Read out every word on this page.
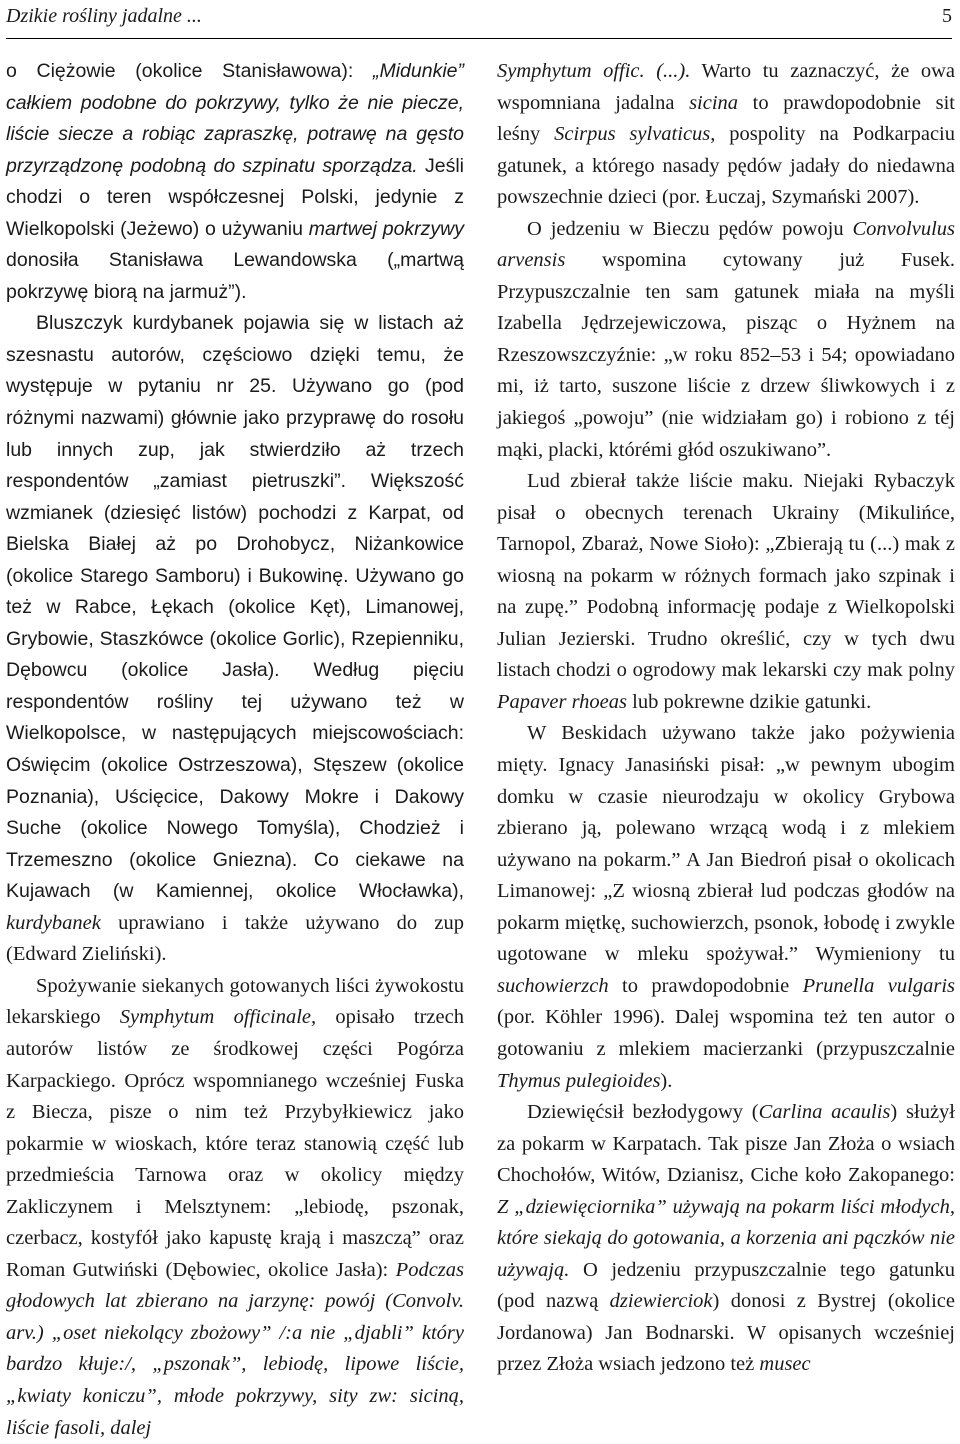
Dzikie rośliny jadalne ...	5

o Ciężowie (okolice Stanisławowa): „Midunkie” całkiem podobne do pokrzywy, tylko że nie piecze, liście siecze a robiąc zapraszkę, potrawę na gęsto przyrządzonę podobną do szpinatu sporządza. Jeśli chodzi o teren współczesnej Polski, jedynie z Wielkopolski (Jeżewo) o używaniu martwej pokrzywy donosiła Stanisława Lewandowska („martwą pokrzywę biorą na jarmuż”).

Bluszczyk kurdybanek pojawia się w listach aż szesnastu autorów, częściowo dzięki temu, że występuje w pytaniu nr 25. Używano go (pod różnymi nazwami) głównie jako przyprawę do rosołu lub innych zup, jak stwierdziło aż trzech respondentów „zamiast pietruszki”. Większość wzmianek (dziesięć listów) pochodzi z Karpat, od Bielska Białej aż po Drohobycz, Niżankowice (okolice Starego Samboru) i Bukowinę. Używano go też w Rabce, Łękach (okolice Kęt), Limanowej, Grybowie, Staszkówce (okolice Gorlic), Rzepienniku, Dębowcu (okolice Jasła). Według pięciu respondentów rośliny tej używano też w Wielkopolsce, w następujących miejscowościach: Oświęcim (okolice Ostrzeszowa), Stęszew (okolice Poznania), Uścięcice, Dakowy Mokre i Dakowy Suche (okolice Nowego Tomyśla), Chodzież i Trzemeszno (okolice Gniezna). Co ciekawe na Kujawach (w Kamiennej, okolice Włocławka), kurdybanek uprawiano i także używano do zup (Edward Zieliński).

Spożywanie siekanych gotowanych liści żywokostu lekarskiego Symphytum officinale, opisało trzech autorów listów ze środkowej części Pogórza Karpackiego. Oprócz wspomnianego wcześniej Fuska z Biecza, pisze o nim też Przybyłkiewicz jako pokarmie w wioskach, które teraz stanowią część lub przedmieścia Tarnowa oraz w okolicy między Zakliczynem i Melsztynem: „lebiodę, pszonak, czerbacz, kostyfół jako kapustę krają i maszczą” oraz Roman Gutwiński (Dębowiec, okolice Jasła): Podczas głodowych lat zbierano na jarzynę: powój (Convolv. arv.) „oset niekolący zbożowy” /:a nie „djabli” który bardzo kłuje:/, „pszonak”, lebiodę, lipowe liście, „kwiaty koniczu”, młode pokrzywy, sity zw: siciną, liście fasoli, dalej

Symphytum offic. (...). Warto tu zaznaczyć, że owa wspomniana jadalna sicina to prawdopodobnie sit leśny Scirpus sylvaticus, pospolity na Podkarpaciu gatunek, a którego nasady pędów jadały do niedawna powszechnie dzieci (por. Łuczaj, Szymański 2007).

O jedzeniu w Bieczu pędów powoju Convolvulus arvensis wspomina cytowany już Fusek. Przypuszczalnie ten sam gatunek miała na myśli Izabella Jędrzejewiczowa, pisząc o Hyżnem na Rzeszowszczyźnie: „w roku 852–53 i 54; opowiadano mi, iż tarto, suszone liście z drzew śliwkowych i z jakiegoś „powoju” (nie widziałam go) i robiono z téj mąki, placki, którémi głód oszukiwano”.

Lud zbierał także liście maku. Niejaki Rybaczyk pisał o obecnych terenach Ukrainy (Mikulińce, Tarnopol, Zbaraż, Nowe Sioło): „Zbierają tu (...) mak z wiosną na pokarm w różnych formach jako szpinak i na zupę.” Podobną informację podaje z Wielkopolski Julian Jezierski. Trudno określić, czy w tych dwu listach chodzi o ogrodowy mak lekarski czy mak polny Papaver rhoeas lub pokrewne dzikie gatunki.

W Beskidach używano także jako pożywienia mięty. Ignacy Janasiński pisał: „w pewnym ubogim domku w czasie nieurodzaju w okolicy Grybowa zbierano ją, polewano wrzącą wodą i z mlekiem używano na pokarm.” A Jan Biedroń pisał o okolicach Limanowej: „Z wiosną zbierał lud podczas głodów na pokarm miętkę, suchowierzch, psonok, łobodę i zwykle ugotowane w mleku spożywał.” Wymieniony tu suchowierzch to prawdopodobnie Prunella vulgaris (por. Köhler 1996). Dalej wspomina też ten autor o gotowaniu z mlekiem macierzanki (przypuszczalnie Thymus pulegioides).

Dziewięćsił bezłodygowy (Carlina acaulis) służył za pokarm w Karpatach. Tak pisze Jan Złoża o wsiach Chochołów, Witów, Dzianisz, Ciche koło Zakopanego: Z „dziewięciornika” używają na pokarm liści młodych, które siekają do gotowania, a korzenia ani pączków nie używają. O jedzeniu przypuszczalnie tego gatunku (pod nazwą dziewierciok) donosi z Bystrej (okolice Jordanowa) Jan Bodnarski. W opisanych wcześniej przez Złoża wsiach jedzono też musec
